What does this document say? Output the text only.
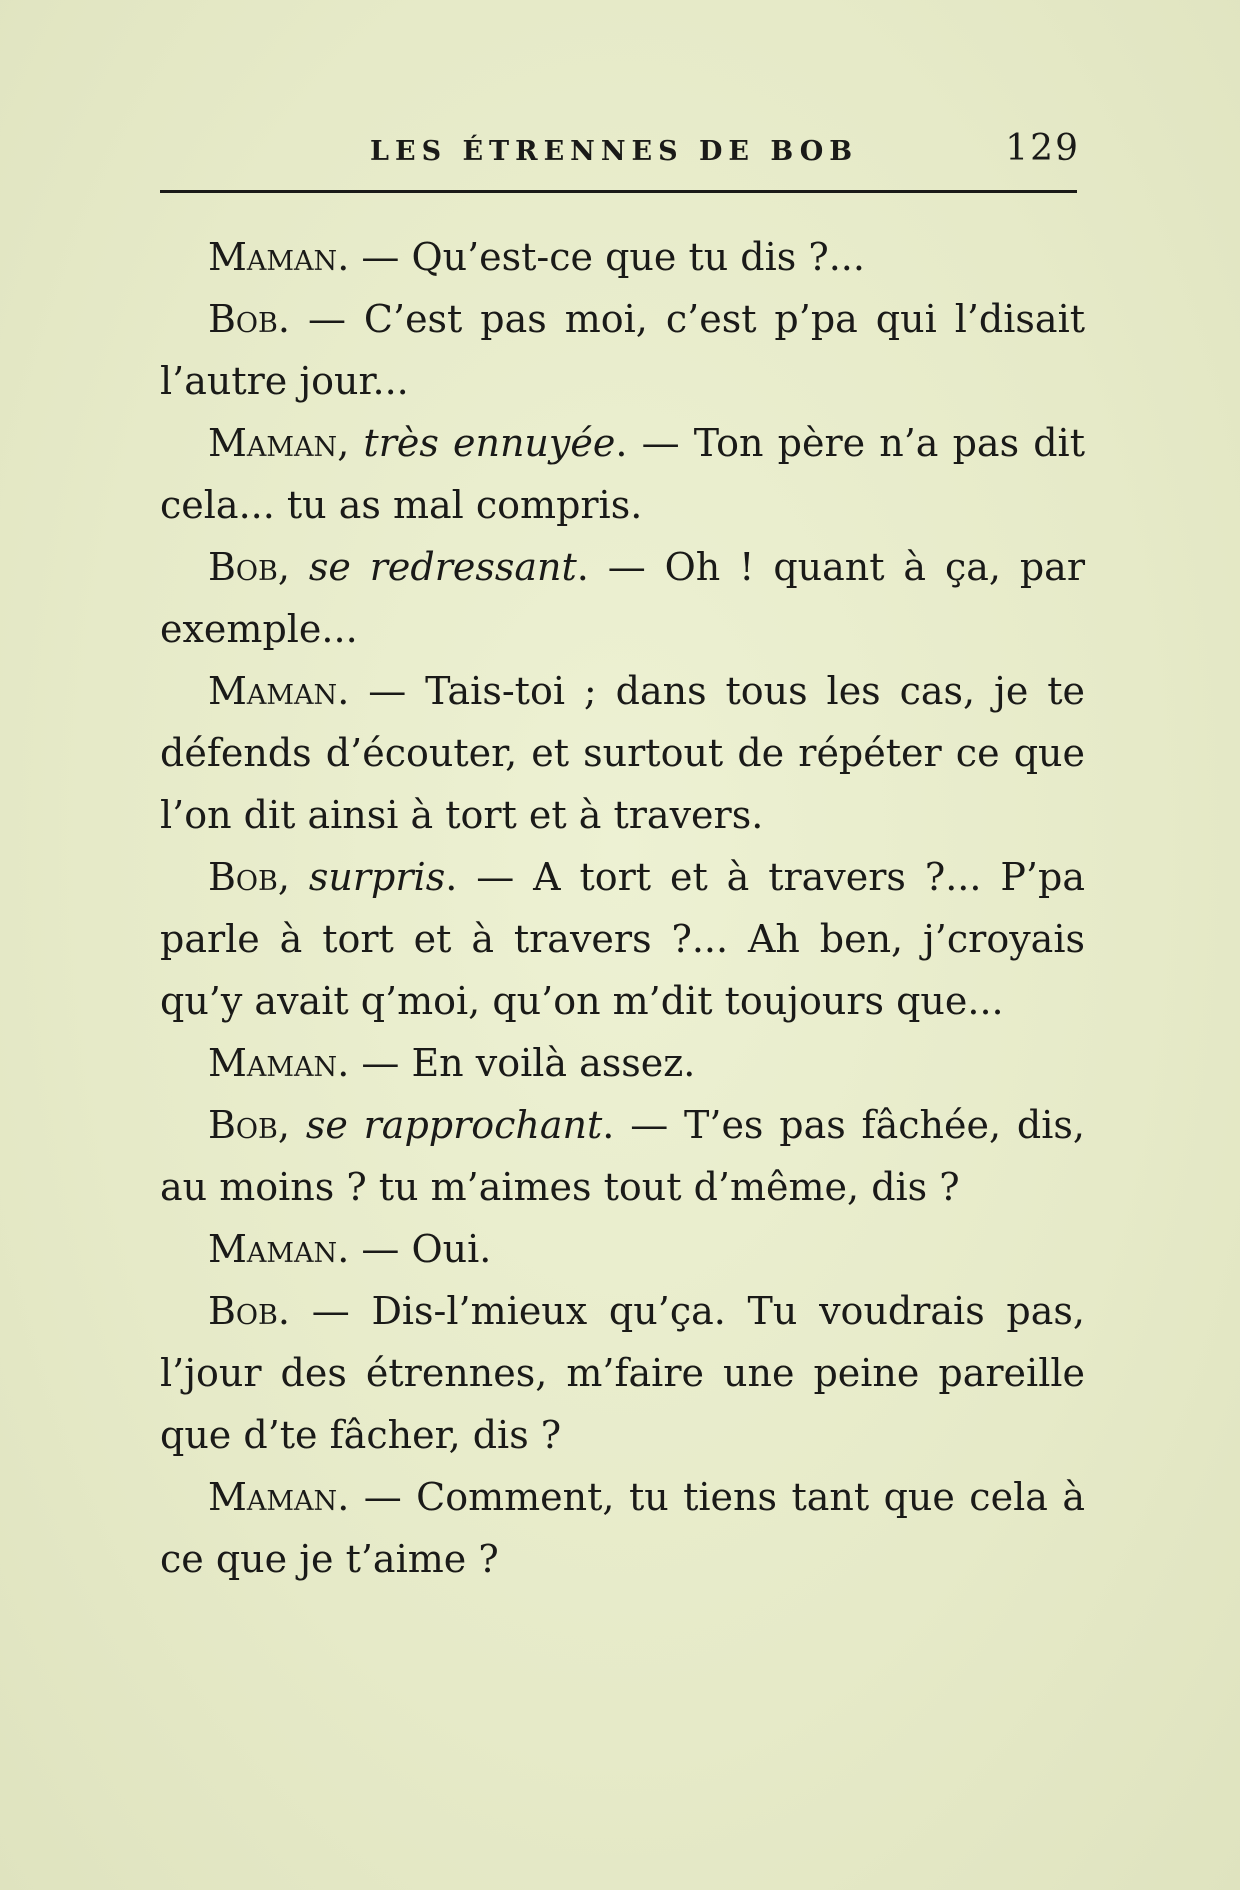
LES ÉTRENNES DE BOB	129

Maman. — Qu’est-ce que tu dis ?...

Bob. — C’est pas moi, c’est p’pa qui l’disait l’autre jour...

Maman, très ennuyée. — Ton père n’a pas dit cela... tu as mal compris.

Bob, se redressant. — Oh ! quant à ça, par exemple...

Maman. — Tais-toi ; dans tous les cas, je te défends d’écouter, et surtout de répéter ce que l’on dit ainsi à tort et à travers.

Bob, surpris. — A tort et à travers ?... P’pa parle à tort et à travers ?... Ah ben, j’croyais qu’y avait q’moi, qu’on m’dit toujours que...

Maman. — En voilà assez.

Bob, se rapprochant. — T’es pas fâchée, dis, au moins ? tu m’aimes tout d’même, dis ?

Maman. — Oui.

Bob. — Dis-l’mieux qu’ça. Tu voudrais pas, l’jour des étrennes, m’faire une peine pareille que d’te fâcher, dis ?

Maman. — Comment, tu tiens tant que cela à ce que je t’aime ?
